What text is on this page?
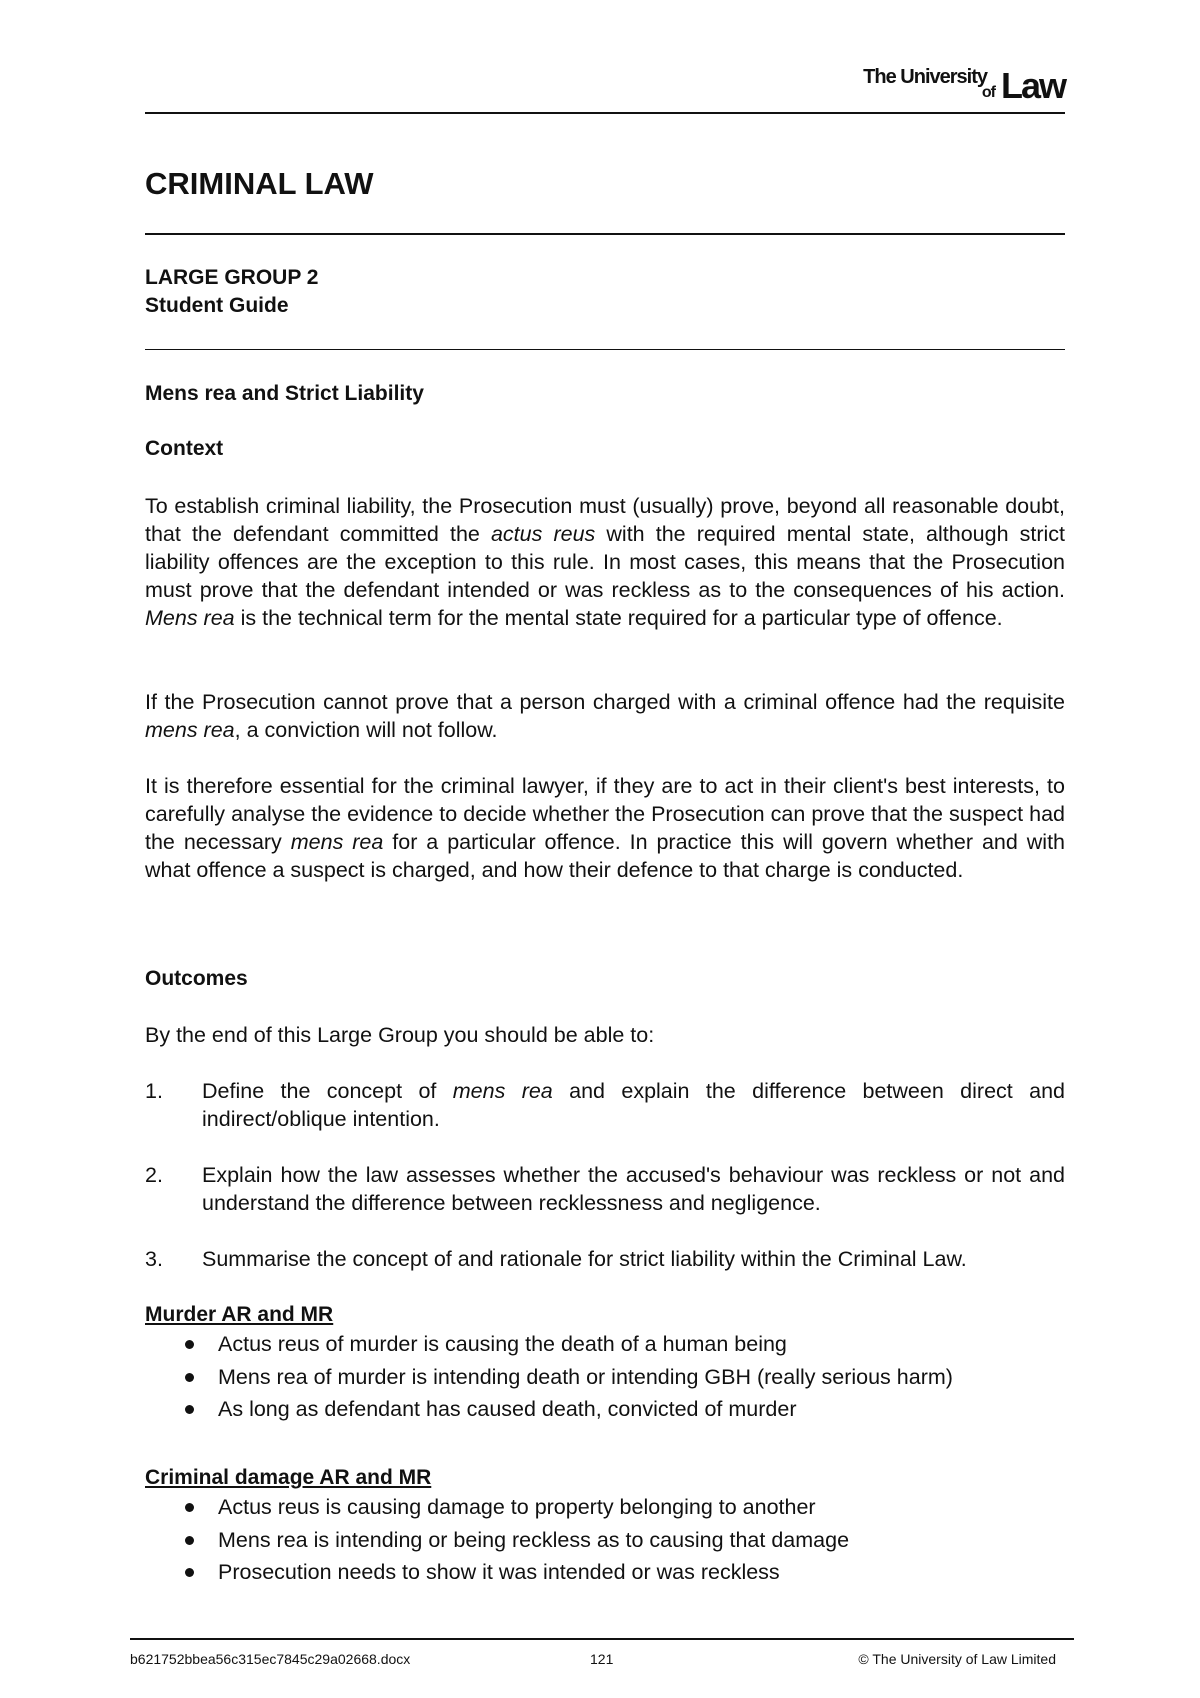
The University
of Law
CRIMINAL LAW
LARGE GROUP 2
Student Guide
Mens rea and Strict Liability
Context

To establish criminal liability, the Prosecution must (usually) prove, beyond all reasonable doubt, that the defendant committed the actus reus with the required mental state, although strict liability offences are the exception to this rule. In most cases, this means that the Prosecution must prove that the defendant intended or was reckless as to the consequences of his action. Mens rea is the technical term for the mental state required for a particular type of offence.

If the Prosecution cannot prove that a person charged with a criminal offence had the requisite mens rea, a conviction will not follow.

It is therefore essential for the criminal lawyer, if they are to act in their client's best interests, to carefully analyse the evidence to decide whether the Prosecution can prove that the suspect had the necessary mens rea for a particular offence. In practice this will govern whether and with what offence a suspect is charged, and how their defence to that charge is conducted.

Outcomes

By the end of this Large Group you should be able to:

1. Define the concept of mens rea and explain the difference between direct and indirect/oblique intention.
2. Explain how the law assesses whether the accused's behaviour was reckless or not and understand the difference between recklessness and negligence.
3. Summarise the concept of and rationale for strict liability within the Criminal Law.
Murder AR and MR
Actus reus of murder is causing the death of a human being
Mens rea of murder is intending death or intending GBH (really serious harm)
As long as defendant has caused death, convicted of murder
Criminal damage AR and MR
Actus reus is causing damage to property belonging to another
Mens rea is intending or being reckless as to causing that damage
Prosecution needs to show it was intended or was reckless
b621752bbea56c315ec7845c29a02668.docx	121	© The University of Law Limited
